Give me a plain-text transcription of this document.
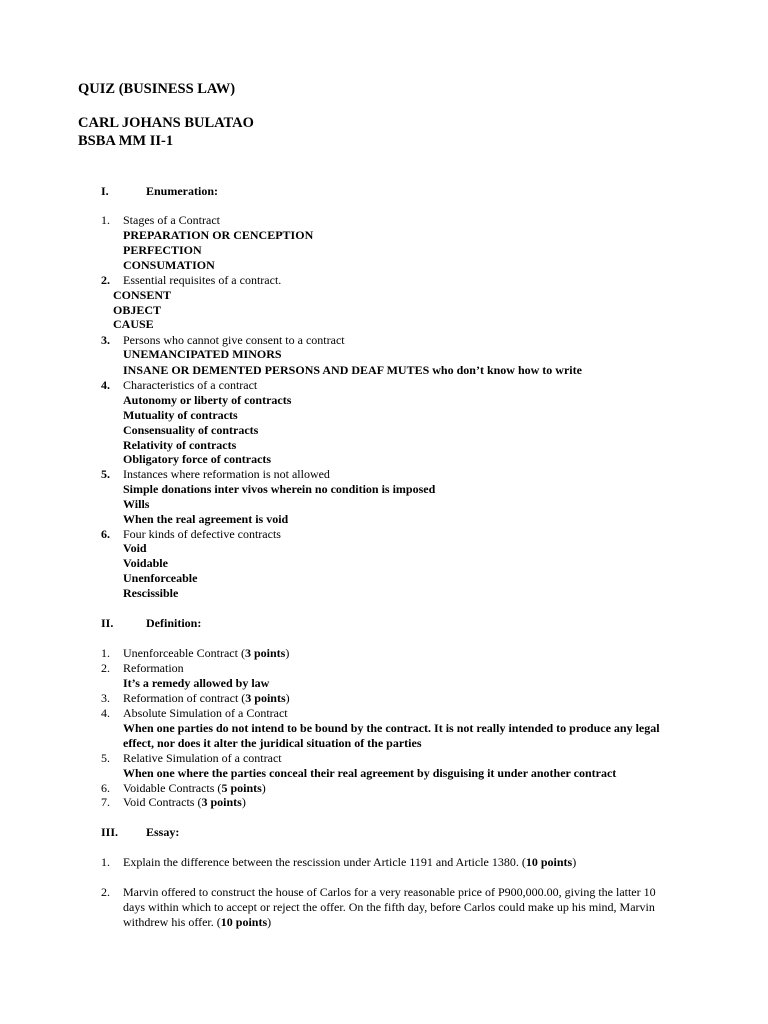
QUIZ (BUSINESS LAW)
CARL JOHANS BULATAO
BSBA MM II-1
I.	Enumeration:
1. Stages of a Contract
PREPARATION OR CENCEPTION
PERFECTION
CONSUMATION
2. Essential requisites of a contract.
CONSENT
OBJECT
CAUSE
3. Persons who cannot give consent to a contract
UNEMANCIPATED MINORS
INSANE OR DEMENTED PERSONS AND DEAF MUTES who don’t know how to write
4. Characteristics of a contract
Autonomy or liberty of contracts
Mutuality of contracts
Consensuality of contracts
Relativity of contracts
Obligatory force of contracts
5. Instances where reformation is not allowed
Simple donations inter vivos wherein no condition is imposed
Wills
When the real agreement is void
6. Four kinds of defective contracts
Void
Voidable
Unenforceable
Rescissible
II.	Definition:
1. Unenforceable Contract (3 points)
2. Reformation
It’s a remedy allowed by law
3. Reformation of contract (3 points)
4. Absolute Simulation of a Contract
When one parties do not intend to be bound by the contract. It is not really intended to produce any legal
effect, nor does it alter the juridical situation of the parties
5. Relative Simulation of a contract
When one where the parties conceal their real agreement by disguising it under another contract
6. Voidable Contracts (5 points)
7. Void Contracts (3 points)
III. Essay:
1. Explain the difference between the rescission under Article 1191 and Article 1380. (10 points)
2. Marvin offered to construct the house of Carlos for a very reasonable price of P900,000.00, giving the latter 10
days within which to accept or reject the offer. On the fifth day, before Carlos could make up his mind, Marvin
withdrew his offer. (10 points)
